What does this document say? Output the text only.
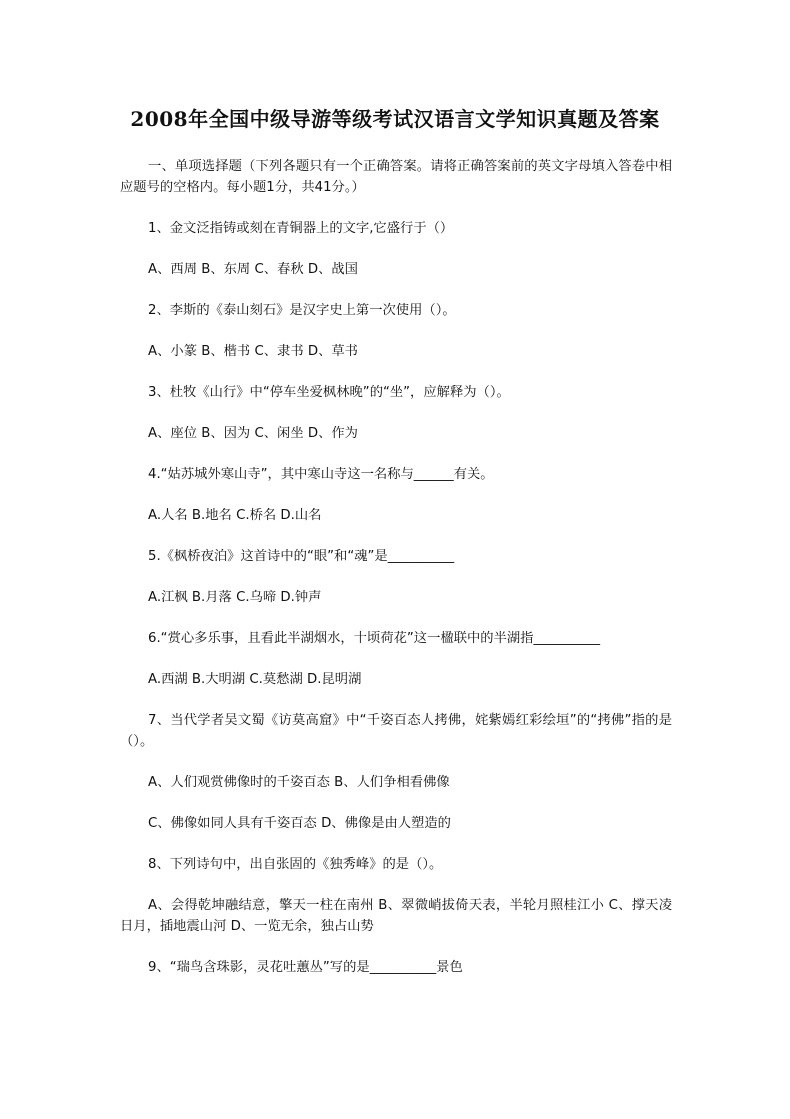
2008年全国中级导游等级考试汉语言文学知识真题及答案

一、单项选择题（下列各题只有一个正确答案。请将正确答案前的英文字母填入答卷中相应题号的空格内。每小题1分，共41分。）

1、金文泛指铸或刻在青铜器上的文字,它盛行于（）

A、西周 B、东周 C、春秋 D、战国

2、李斯的《泰山刻石》是汉字史上第一次使用（）。

A、小篆 B、楷书 C、隶书 D、草书

3、杜牧《山行》中“停车坐爱枫林晚”的“坐”，应解释为（）。

A、座位 B、因为 C、闲坐 D、作为

4.“姑苏城外寒山寺”，其中寒山寺这一名称与______有关。

A.人名 B.地名 C.桥名 D.山名

5.《枫桥夜泊》这首诗中的“眼”和“魂”是__________

A.江枫 B.月落 C.乌啼 D.钟声

6.“赏心多乐事，且看此半湖烟水，十顷荷花”这一楹联中的半湖指__________

A.西湖 B.大明湖 C.莫愁湖 D.昆明湖

7、当代学者吴文蜀《访莫高窟》中“千姿百态人拷佛，姹紫嫣红彩绘垣”的“拷佛”指的是（）。

A、人们观赏佛像时的千姿百态 B、人们争相看佛像

C、佛像如同人具有千姿百态 D、佛像是由人塑造的

8、下列诗句中，出自张固的《独秀峰》的是（）。

A、会得乾坤融结意，擎天一柱在南州 B、翠微峭拔倚天表，半轮月照桂江小 C、撑天凌日月，插地震山河 D、一览无余，独占山势

9、“瑞鸟含珠影，灵花吐蕙丛”写的是__________景色
